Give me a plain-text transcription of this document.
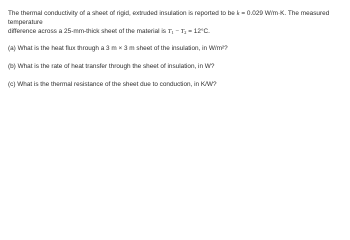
The thermal conductivity of a sheet of rigid, extruded insulation is reported to be k = 0.029 W/m·K. The measured temperature
difference across a 25-mm-thick sheet of the material is $T_1 - T_2 = 12^\circ C$.

(a) What is the heat flux through a 3 m × 3 m sheet of the insulation, in W/m²?

(b) What is the rate of heat transfer through the sheet of insulation, in W?

(c) What is the thermal resistance of the sheet due to conduction, in K/W?
